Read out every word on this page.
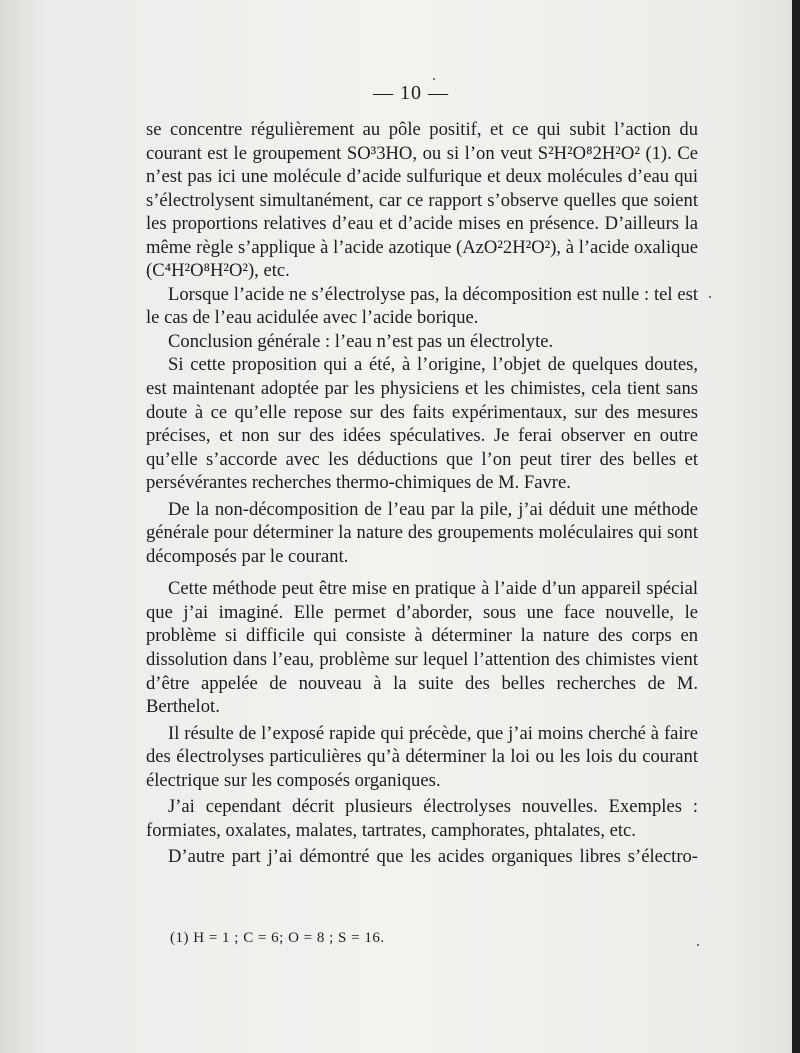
— 10 —

se concentre régulièrement au pôle positif, et ce qui subit l’action du courant est le groupement SO³3HO, ou si l’on veut S²H²O⁸2H²O² (1). Ce n’est pas ici une molécule d’acide sulfurique et deux molécules d’eau qui s’électrolysent simultanément, car ce rapport s’observe quelles que soient les proportions relatives d’eau et d’acide mises en présence. D’ailleurs la même règle s’applique à l’acide azotique (AzO²2H²O²), à l’acide oxalique (C⁴H²O⁸H²O²), etc.

Lorsque l’acide ne s’électrolyse pas, la décomposition est nulle : tel est le cas de l’eau acidulée avec l’acide borique.

Conclusion générale : l’eau n’est pas un électrolyte.

Si cette proposition qui a été, à l’origine, l’objet de quelques doutes, est maintenant adoptée par les physiciens et les chimistes, cela tient sans doute à ce qu’elle repose sur des faits expérimentaux, sur des mesures précises, et non sur des idées spéculatives. Je ferai observer en outre qu’elle s’accorde avec les déductions que l’on peut tirer des belles et persévérantes recherches thermo-chimiques de M. Favre.

De la non-décomposition de l’eau par la pile, j’ai déduit une méthode générale pour déterminer la nature des groupements moléculaires qui sont décomposés par le courant.

Cette méthode peut être mise en pratique à l’aide d’un appareil spécial que j’ai imaginé. Elle permet d’aborder, sous une face nouvelle, le problème si difficile qui consiste à déterminer la nature des corps en dissolution dans l’eau, problème sur lequel l’attention des chimistes vient d’être appelée de nouveau à la suite des belles recherches de M. Berthelot.

Il résulte de l’exposé rapide qui précède, que j’ai moins cherché à faire des électrolyses particulières qu’à déterminer la loi ou les lois du courant électrique sur les composés organiques.

J’ai cependant décrit plusieurs électrolyses nouvelles. Exemples : formiates, oxalates, malates, tartrates, camphorates, phtalates, etc.

D’autre part j’ai démontré que les acides organiques libres s’électro-

(1) H = 1 ; C = 6; O = 8 ; S = 16.
